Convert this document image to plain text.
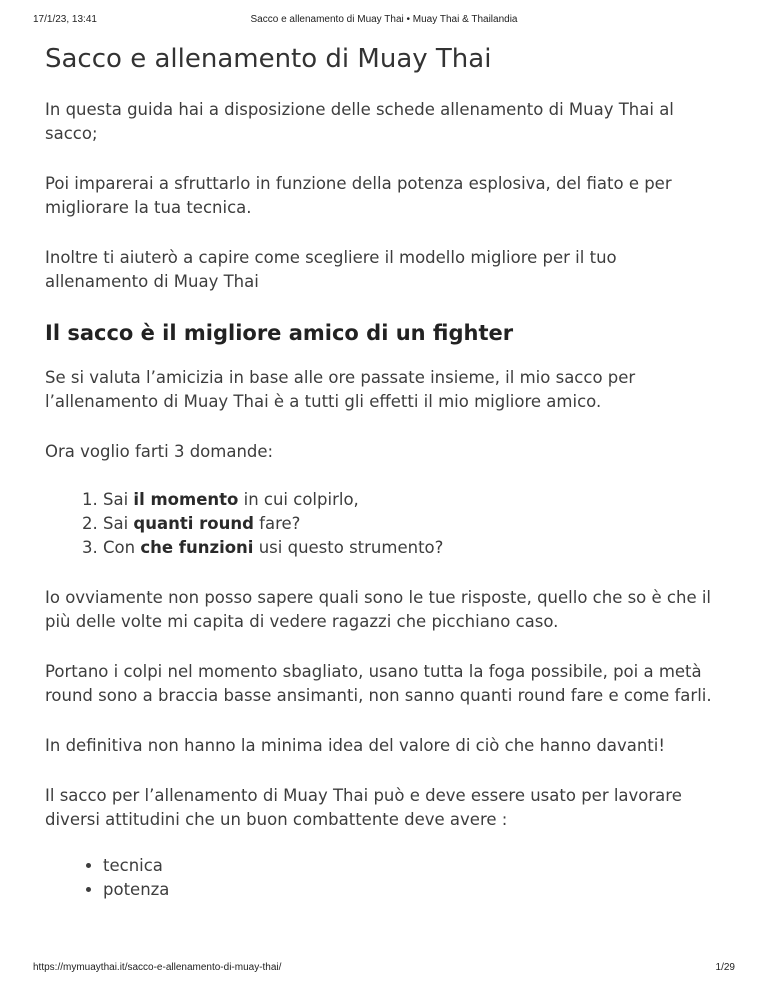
17/1/23, 13:41	Sacco e allenamento di Muay Thai • Muay Thai & Thailandia
Sacco e allenamento di Muay Thai

In questa guida hai a disposizione delle schede allenamento di Muay Thai al sacco;

Poi imparerai a sfruttarlo in funzione della potenza esplosiva, del fiato e per migliorare la tua tecnica.

Inoltre ti aiuterò a capire come scegliere il modello migliore per il tuo allenamento di Muay Thai

Il sacco è il migliore amico di un fighter

Se si valuta l’amicizia in base alle ore passate insieme, il mio sacco per l’allenamento di Muay Thai è a tutti gli effetti il mio migliore amico.

Ora voglio farti 3 domande:

1. Sai il momento in cui colpirlo,
2. Sai quanti round fare?
3. Con che funzioni usi questo strumento?

Io ovviamente non posso sapere quali sono le tue risposte, quello che so è che il più delle volte mi capita di vedere ragazzi che picchiano caso.

Portano i colpi nel momento sbagliato, usano tutta la foga possibile, poi a metà round sono a braccia basse ansimanti, non sanno quanti round fare e come farli.

In definitiva non hanno la minima idea del valore di ciò che hanno davanti!

Il sacco per l’allenamento di Muay Thai può e deve essere usato per lavorare diversi attitudini che un buon combattente deve avere :

• tecnica
• potenza
https://mymuaythai.it/sacco-e-allenamento-di-muay-thai/	1/29
